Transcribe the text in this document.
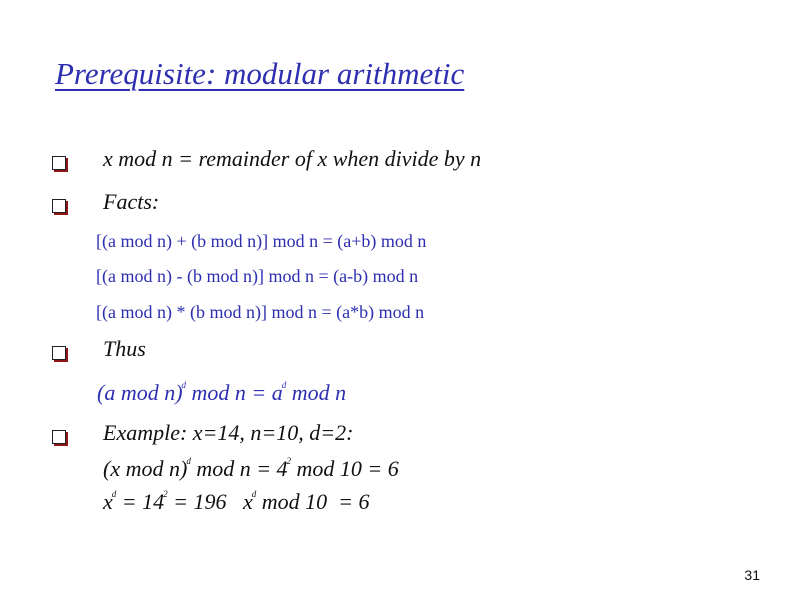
Prerequisite: modular arithmetic
x mod n = remainder of x when divide by n
Facts:
[(a mod n) + (b mod n)] mod n = (a+b) mod n
[(a mod n) - (b mod n)] mod n = (a-b) mod n
[(a mod n) * (b mod n)] mod n = (a*b) mod n
Thus
(a mod n)$^d$ mod $n = a^d$ mod n
Example: x=14, n=10, d=2:
(x mod n)$^d$ mod $n = 4^2$ mod 10 = 6
$x^d = 14^2 = 196$   $x^d$ mod 10  = 6
31
